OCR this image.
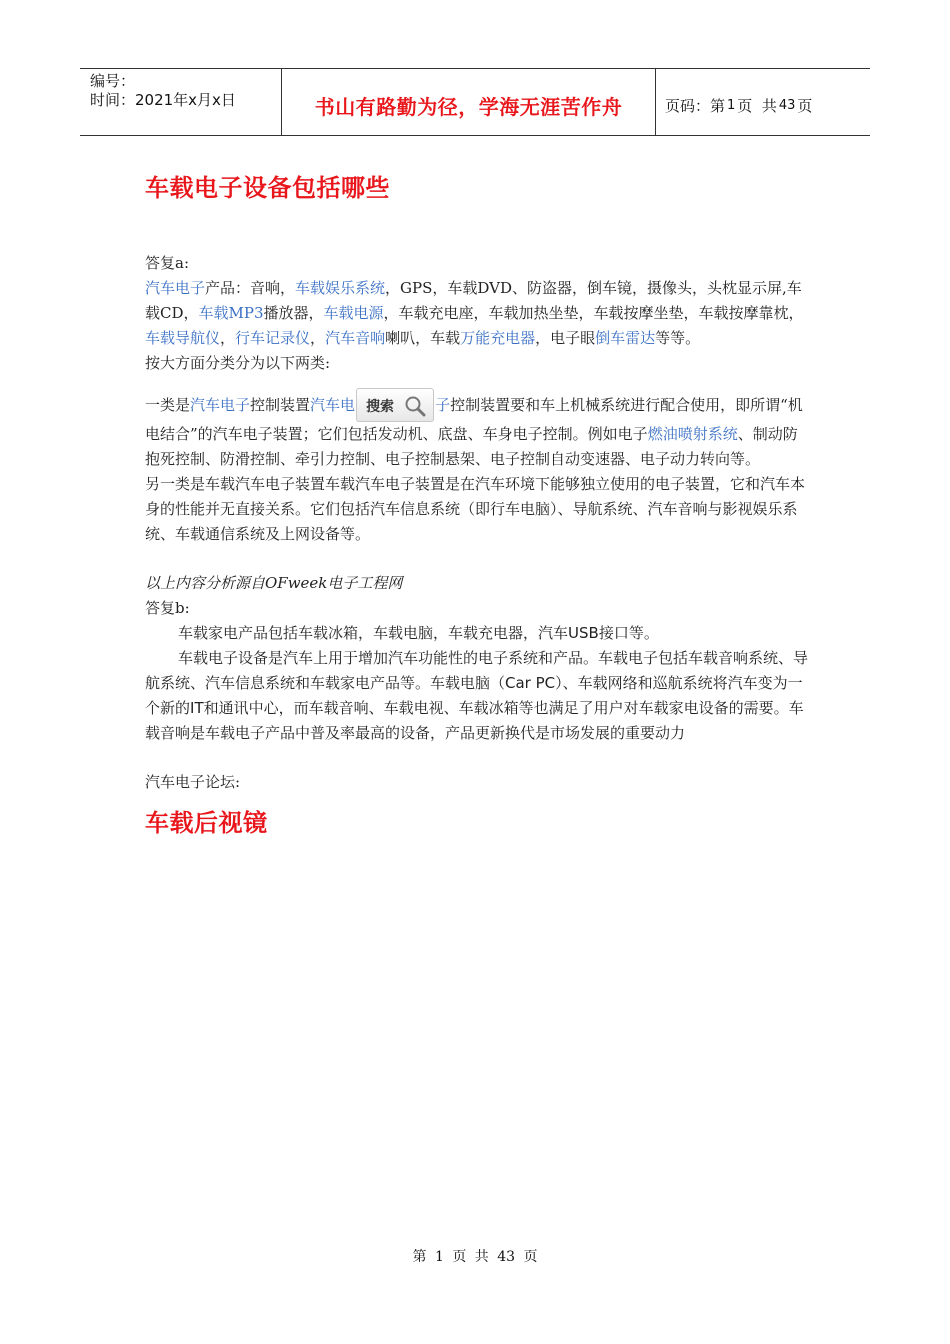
编号：
时间：2021年x月x日	书山有路勤为径，学海无涯苦作舟	页码：第 1 页  共 43 页
车载电子设备包括哪些

答复a:

汽车电子产品：音响，车载娱乐系统，GPS，车载DVD、防盗器，倒车镜，摄像头，头枕显示屏,车载CD，车载MP3播放器，车载电源，车载充电座，车载加热坐垫，车载按摩坐垫，车载按摩靠枕，车载导航仪，行车记录仪，汽车音响喇叭，车载万能充电器，电子眼倒车雷达等等。

按大方面分类分为以下两类:

一类是汽车电子控制装置汽车电 搜索	子控制装置要和车上机械系统进行配合使用，即所谓“机电结合”的汽车电子装置；它们包括发动机、底盘、车身电子控制。例如电子燃油喷射系统、制动防抱死控制、防滑控制、牵引力控制、电子控制悬架、电子控制自动变速器、电子动力转向等。

另一类是车载汽车电子装置车载汽车电子装置是在汽车环境下能够独立使用的电子装置，它和汽车本身的性能并无直接关系。它们包括汽车信息系统（即行车电脑）、导航系统、汽车音响与影视娱乐系统、车载通信系统及上网设备等。

以上内容分析源自OFweek电子工程网

答复b:

车载家电产品包括车载冰箱，车载电脑，车载充电器，汽车USB接口等。

车载电子设备是汽车上用于增加汽车功能性的电子系统和产品。车载电子包括车载音响系统、导航系统、汽车信息系统和车载家电产品等。车载电脑（Car PC）、车载网络和巡航系统将汽车变为一个新的IT和通讯中心，而车载音响、车载电视、车载冰箱等也满足了用户对车载家电设备的需要。车载音响是车载电子产品中普及率最高的设备，产品更新换代是市场发展的重要动力

汽车电子论坛:

车载后视镜
第 1 页 共 43 页
